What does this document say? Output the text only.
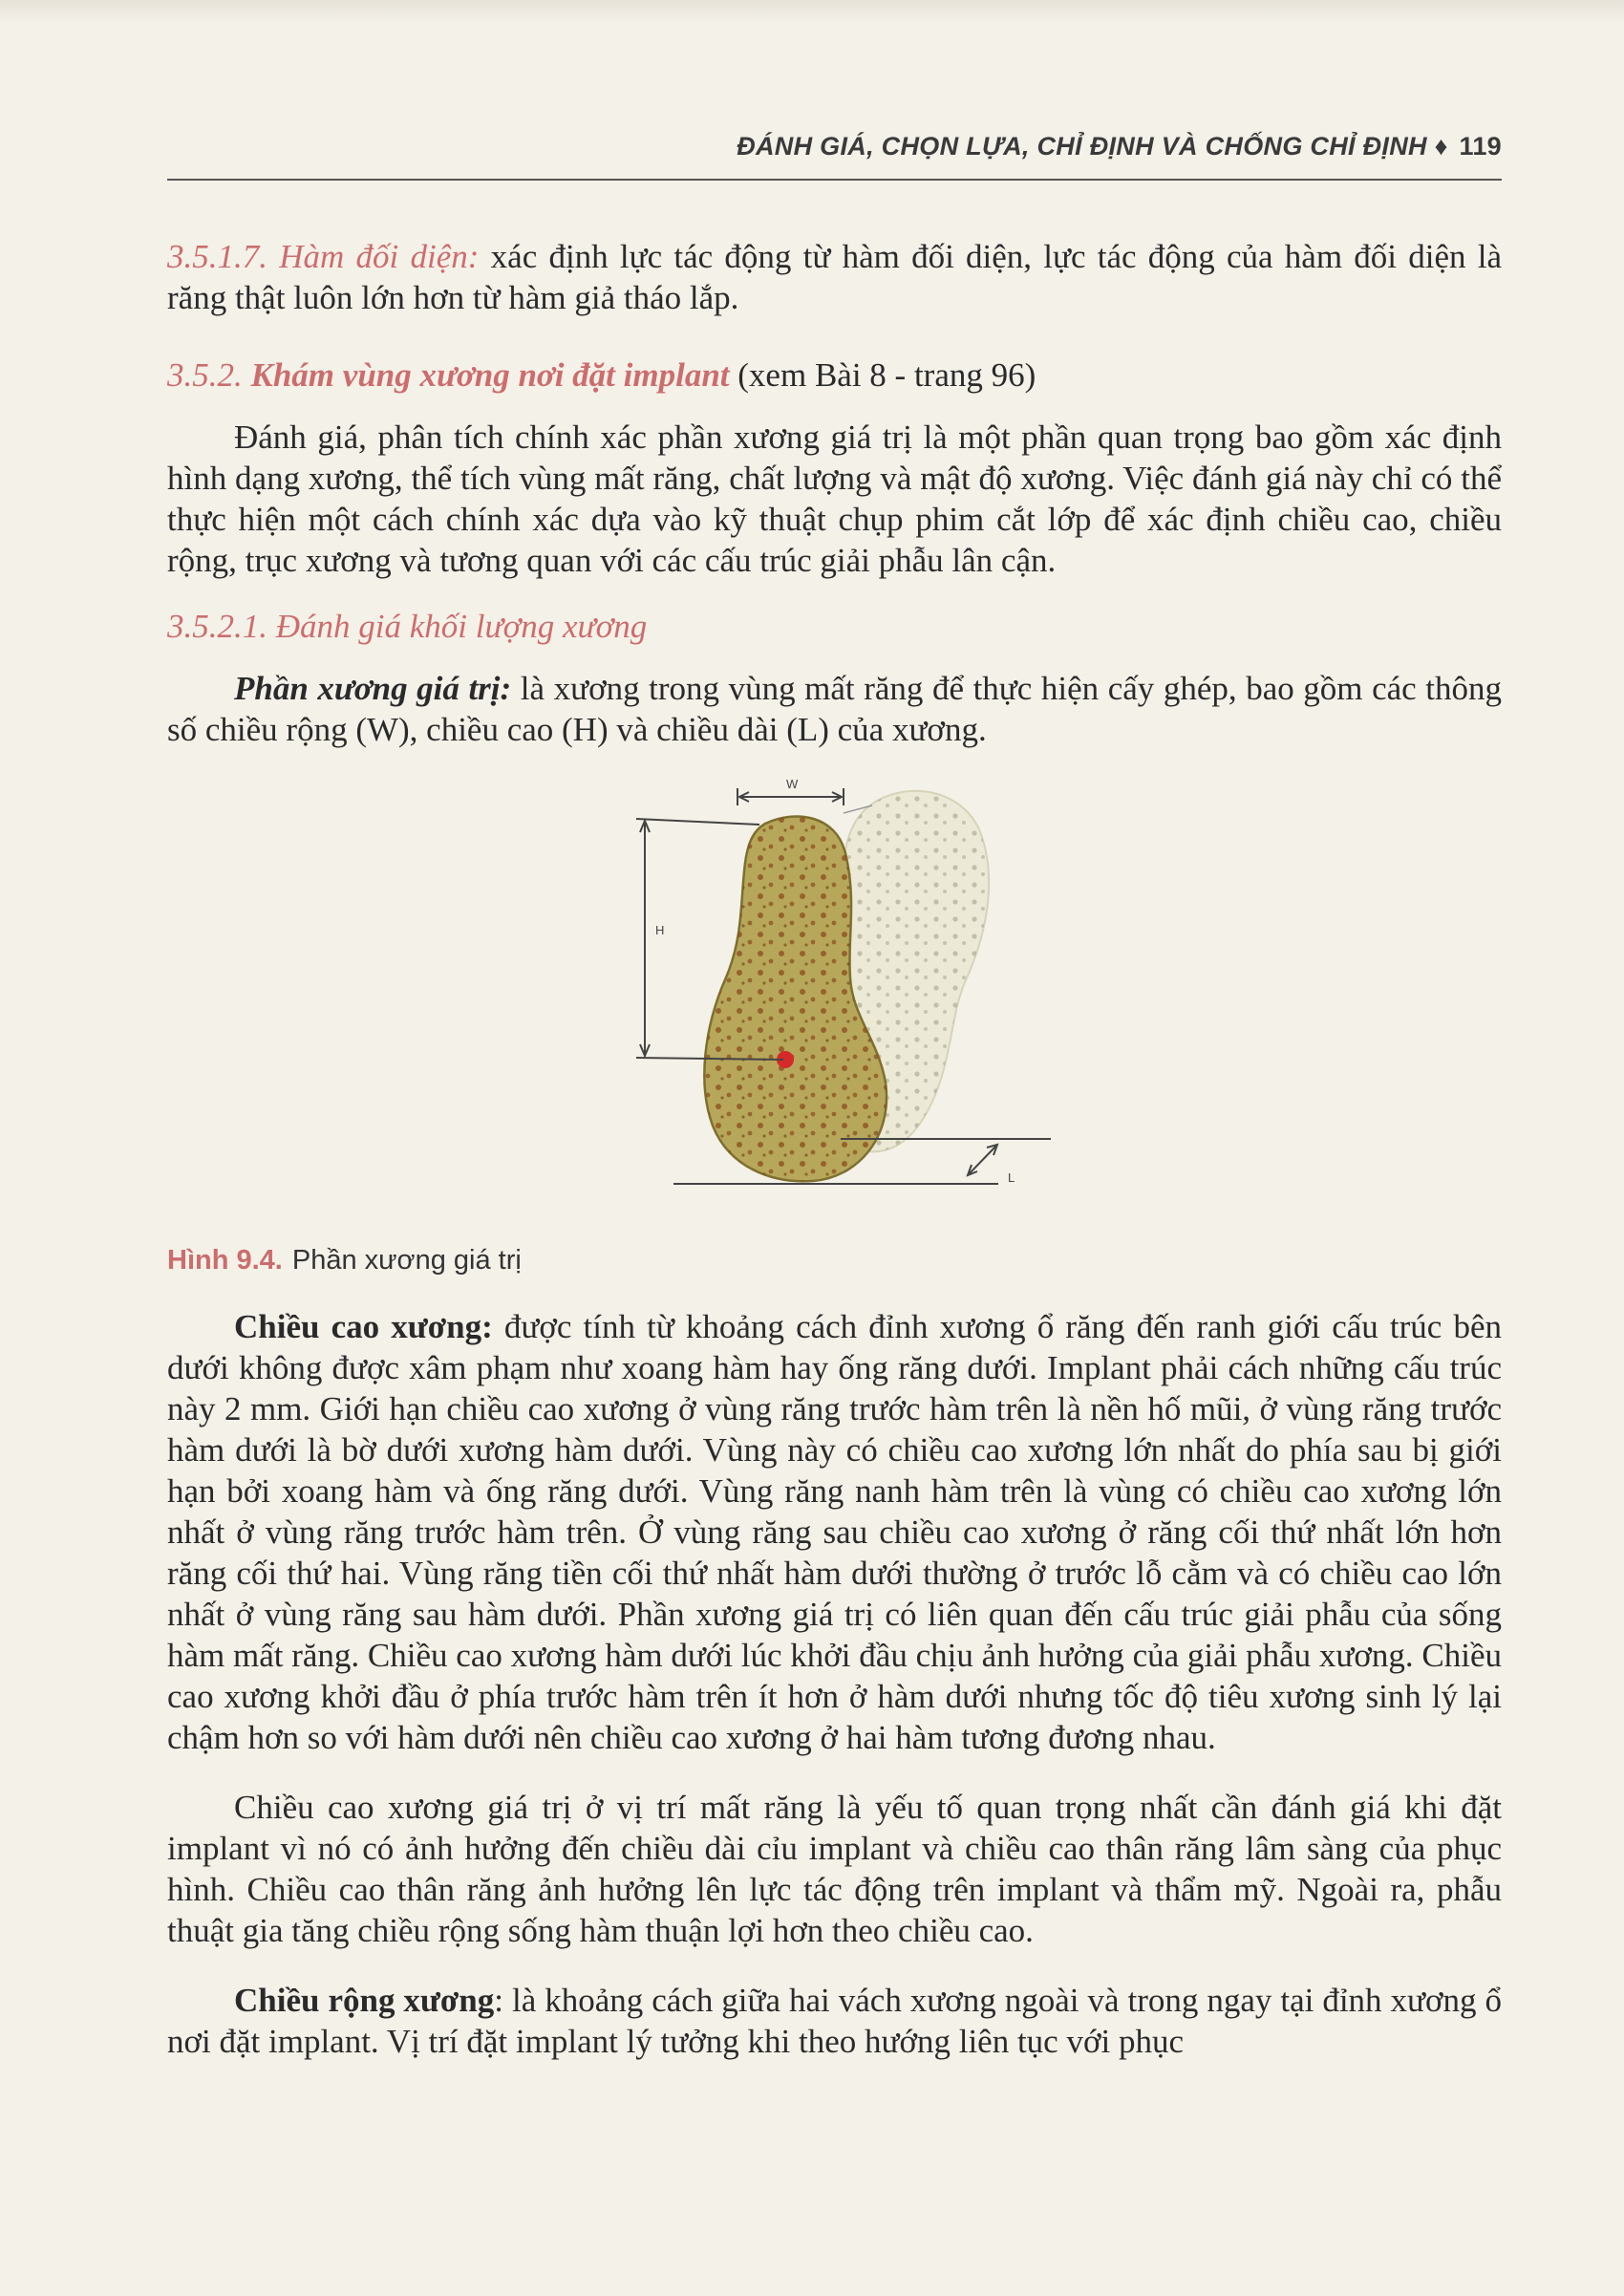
ĐÁNH GIÁ, CHỌN LỰA, CHỈ ĐỊNH VÀ CHỐNG CHỈ ĐỊNH ♦ 119

3.5.1.7. Hàm đối diện: xác định lực tác động từ hàm đối diện, lực tác động của hàm đối diện là răng thật luôn lớn hơn từ hàm giả tháo lắp.

3.5.2. Khám vùng xương nơi đặt implant (xem Bài 8 - trang 96)

Đánh giá, phân tích chính xác phần xương giá trị là một phần quan trọng bao gồm xác định hình dạng xương, thể tích vùng mất răng, chất lượng và mật độ xương. Việc đánh giá này chỉ có thể thực hiện một cách chính xác dựa vào kỹ thuật chụp phim cắt lớp để xác định chiều cao, chiều rộng, trục xương và tương quan với các cấu trúc giải phẫu lân cận.

3.5.2.1. Đánh giá khối lượng xương

Phần xương giá trị: là xương trong vùng mất răng để thực hiện cấy ghép, bao gồm các thông số chiều rộng (W), chiều cao (H) và chiều dài (L) của xương.

W
H
L

Hình 9.4. Phần xương giá trị

Chiều cao xương: được tính từ khoảng cách đỉnh xương ổ răng đến ranh giới cấu trúc bên dưới không được xâm phạm như xoang hàm hay ống răng dưới. Implant phải cách những cấu trúc này 2 mm. Giới hạn chiều cao xương ở vùng răng trước hàm trên là nền hố mũi, ở vùng răng trước hàm dưới là bờ dưới xương hàm dưới. Vùng này có chiều cao xương lớn nhất do phía sau bị giới hạn bởi xoang hàm và ống răng dưới. Vùng răng nanh hàm trên là vùng có chiều cao xương lớn nhất ở vùng răng trước hàm trên. Ở vùng răng sau chiều cao xương ở răng cối thứ nhất lớn hơn răng cối thứ hai. Vùng răng tiền cối thứ nhất hàm dưới thường ở trước lỗ cằm và có chiều cao lớn nhất ở vùng răng sau hàm dưới. Phần xương giá trị có liên quan đến cấu trúc giải phẫu của sống hàm mất răng. Chiều cao xương hàm dưới lúc khởi đầu chịu ảnh hưởng của giải phẫu xương. Chiều cao xương khởi đầu ở phía trước hàm trên ít hơn ở hàm dưới nhưng tốc độ tiêu xương sinh lý lại chậm hơn so với hàm dưới nên chiều cao xương ở hai hàm tương đương nhau.

Chiều cao xương giá trị ở vị trí mất răng là yếu tố quan trọng nhất cần đánh giá khi đặt implant vì nó có ảnh hưởng đến chiều dài cỉu implant và chiều cao thân răng lâm sàng của phục hình. Chiều cao thân răng ảnh hưởng lên lực tác động trên implant và thẩm mỹ. Ngoài ra, phẫu thuật gia tăng chiều rộng sống hàm thuận lợi hơn theo chiều cao.

Chiều rộng xương: là khoảng cách giữa hai vách xương ngoài và trong ngay tại đỉnh xương ổ nơi đặt implant. Vị trí đặt implant lý tưởng khi theo hướng liên tục với phục
